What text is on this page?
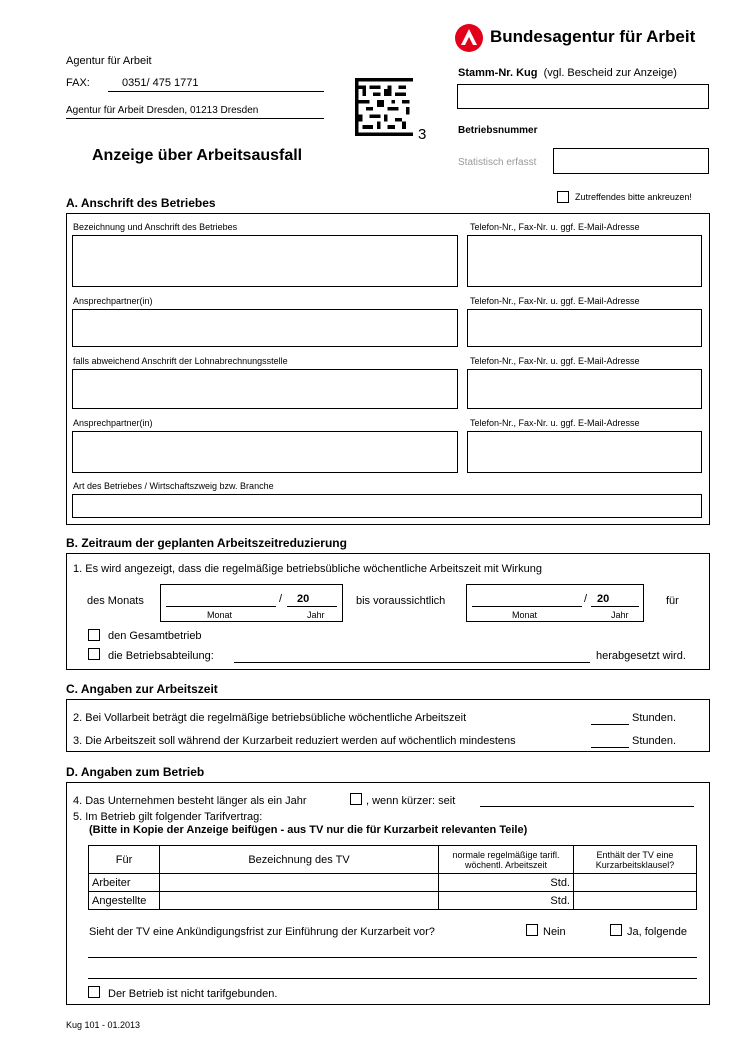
Bundesagentur für Arbeit
Agentur für Arbeit
FAX:	0351/ 475 1771
Agentur für Arbeit Dresden, 01213 Dresden
3
Stamm-Nr. Kug (vgl. Bescheid zur Anzeige)
Betriebsnummer
Statistisch erfasst
Anzeige über Arbeitsausfall
Zutreffendes bitte ankreuzen!
A. Anschrift des Betriebes
Bezeichnung und Anschrift des Betriebes	Telefon-Nr., Fax-Nr. u. ggf. E-Mail-Adresse
Ansprechpartner(in)	Telefon-Nr., Fax-Nr. u. ggf. E-Mail-Adresse
falls abweichend Anschrift der Lohnabrechnungsstelle	Telefon-Nr., Fax-Nr. u. ggf. E-Mail-Adresse
Ansprechpartner(in)	Telefon-Nr., Fax-Nr. u. ggf. E-Mail-Adresse
Art des Betriebes / Wirtschaftszweig bzw. Branche
B. Zeitraum der geplanten Arbeitszeitreduzierung
1. Es wird angezeigt, dass die regelmäßige betriebsübliche wöchentliche Arbeitszeit mit Wirkung
des Monats	/ 20
Monat	Jahr
bis voraussichtlich	/ 20
Monat	Jahr
für
den Gesamtbetrieb
die Betriebsabteilung:	herabgesetzt wird.
C. Angaben zur Arbeitszeit
2. Bei Vollarbeit beträgt die regelmäßige betriebsübliche wöchentliche Arbeitszeit	Stunden.
3. Die Arbeitszeit soll während der Kurzarbeit reduziert werden auf wöchentlich mindestens	Stunden.
D. Angaben zum Betrieb
4. Das Unternehmen besteht länger als ein Jahr	, wenn kürzer: seit
5. Im Betrieb gilt folgender Tarifvertrag:
(Bitte in Kopie der Anzeige beifügen - aus TV nur die für Kurzarbeit relevanten Teile)
Für	Bezeichnung des TV	normale regelmäßige tarifl. wöchentl. Arbeitszeit	Enthält der TV eine Kurzarbeitsklausel?
Arbeiter		Std.	
Angestellte		Std.	
Sieht der TV eine Ankündigungsfrist zur Einführung der Kurzarbeit vor?	Nein	Ja, folgende
Der Betrieb ist nicht tarifgebunden.
Kug 101 - 01.2013
